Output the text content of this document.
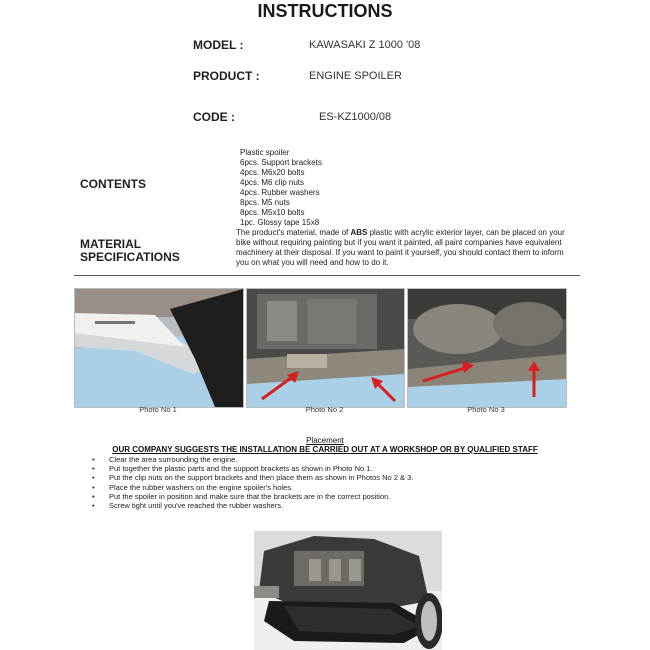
INSTRUCTIONS
MODEL :	KAWASAKI Z 1000 '08
PRODUCT :	ENGINE SPOILER
CODE :	ES-KZ1000/08
CONTENTS
Plastic spoiler
6pcs. Support brackets
4pcs. M6x20 bolts
4pcs. M6 clip nuts
4pcs. Rubber washers
8pcs. M5 nuts
8pcs. M5x10 bolts
1pc. Glossy tape 15x8
MATERIAL
SPECIFICATIONS
The product's material, made of ABS plastic with acrylic exterior layer, can be placed on your bike without requiring painting but if you want it painted, all paint companies have equivalent machinery at their disposal. If you want to paint it yourself, you should contact them to inform you on what you will need and how to do it.
Photo No 1	Photo No 2	Photo No 3
Placement
OUR COMPANY SUGGESTS THE INSTALLATION BE CARRIED OUT AT A WORKSHOP OR BY QUALIFIED STAFF
• Clear the area surrounding the engine.
• Put together the plastic parts and the support brackets as shown in Photo No 1.
• Put the clip nuts on the support brackets and then place them as shown in Photos No 2 & 3.
• Place the rubber washers on the engine spoiler's holes.
• Put the spoiler in position and make sure that the brackets are in the correct position.
• Screw tight until you've reached the rubber washers.
